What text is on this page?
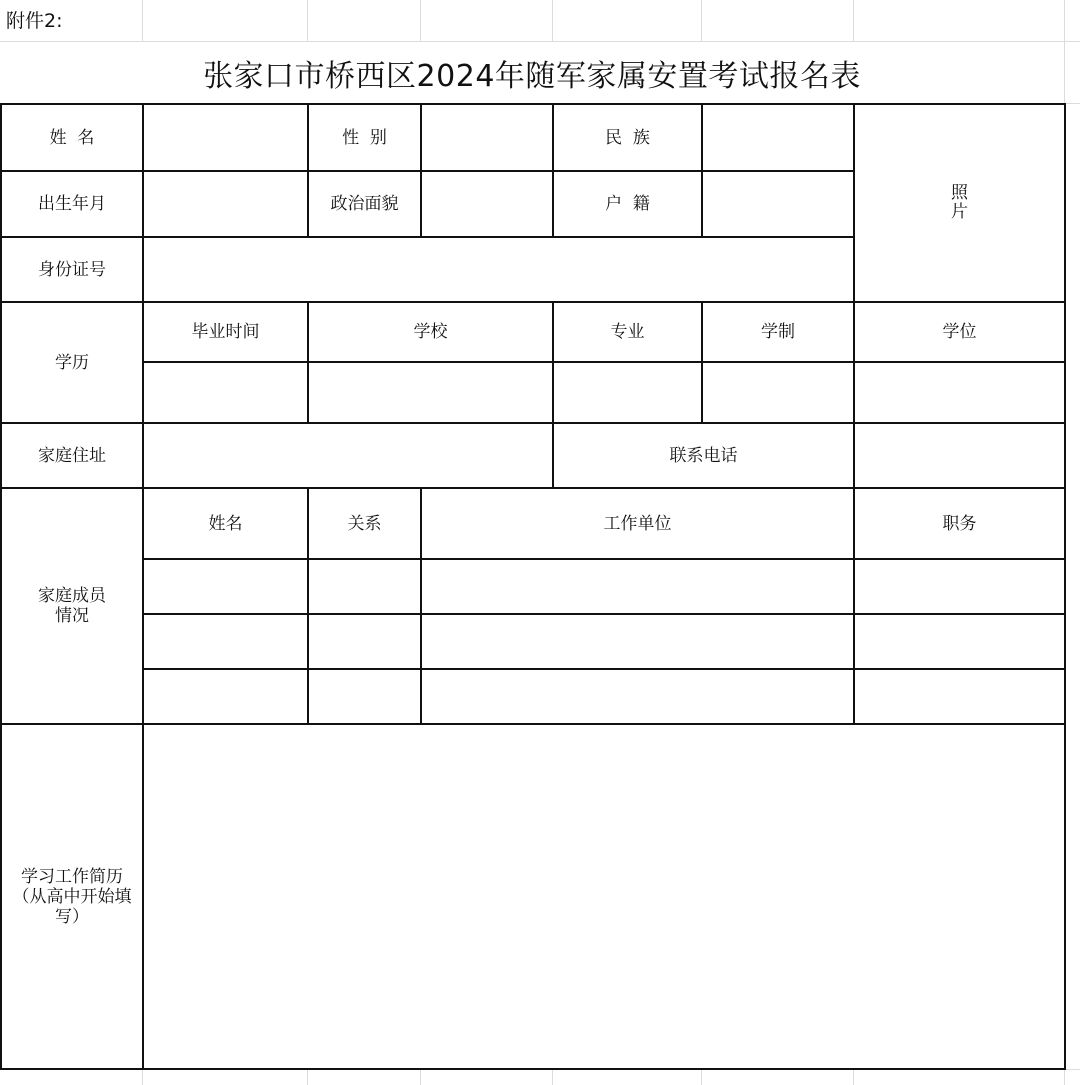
附件2:
张家口市桥西区2024年随军家属安置考试报名表
姓  名	性  别	民  族
照片
出生年月	政治面貌	户  籍
身份证号
学历
毕业时间	学校	专业	学制	学位
家庭住址	联系电话
家庭成员情况
姓名	关系	工作单位	职务
学习工作简历（从高中开始填写）
